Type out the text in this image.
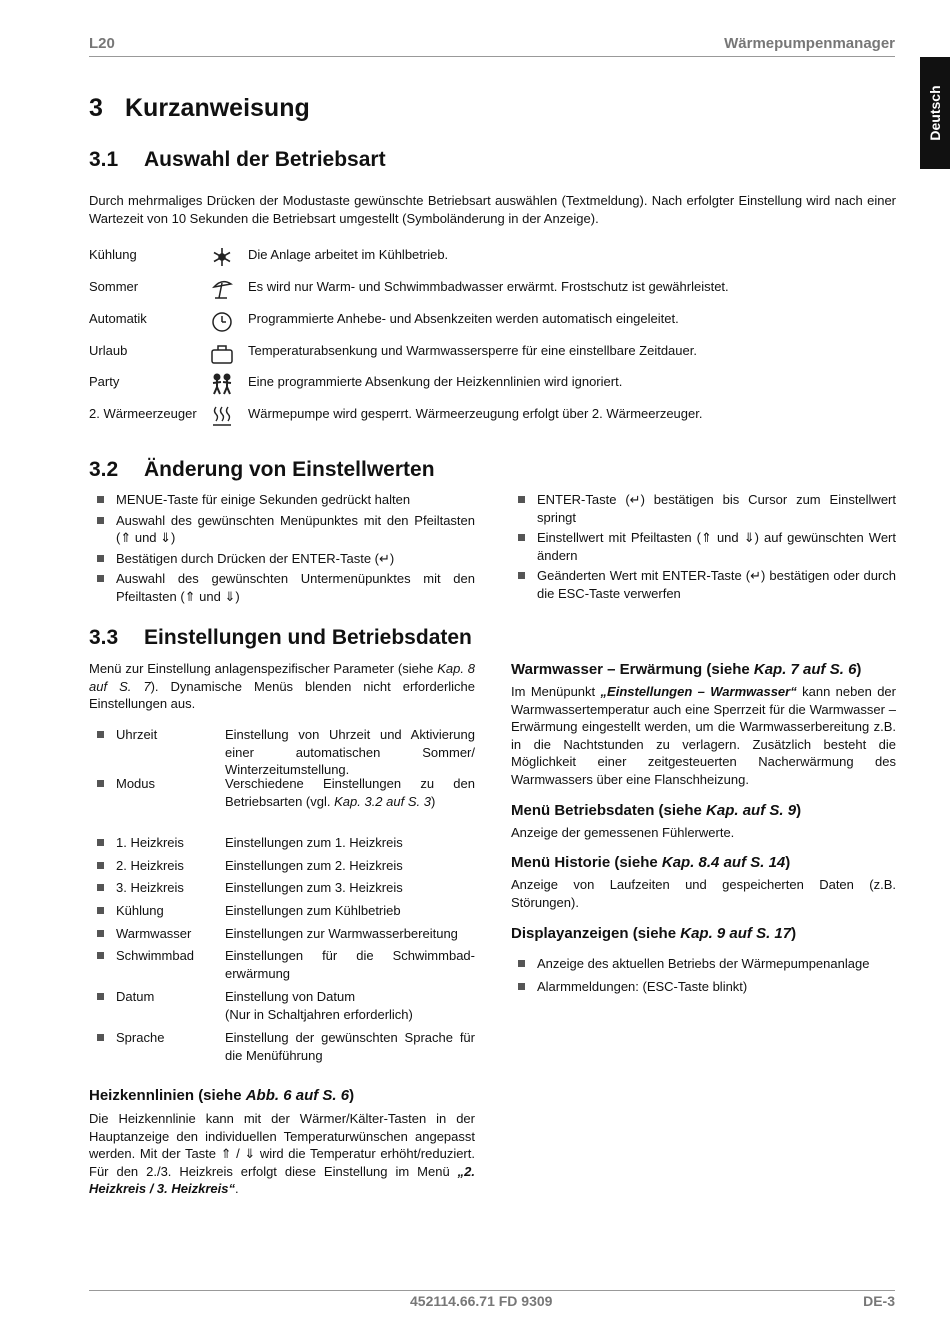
L20	Wärmepumpenmanager
Deutsch
3 Kurzanweisung
3.1 Auswahl der Betriebsart
Durch mehrmaliges Drücken der Modustaste gewünschte Betriebsart auswählen (Textmeldung). Nach erfolgter Einstellung wird nach einer Wartezeit von 10 Sekunden die Betriebsart umgestellt (Symboländerung in der Anzeige).
Kühlung	Die Anlage arbeitet im Kühlbetrieb.
Sommer	Es wird nur Warm- und Schwimmbadwasser erwärmt. Frostschutz ist gewährleistet.
Automatik	Programmierte Anhebe- und Absenkzeiten werden automatisch eingeleitet.
Urlaub	Temperaturabsenkung und Warmwassersperre für eine einstellbare Zeitdauer.
Party	Eine programmierte Absenkung der Heizkennlinien wird ignoriert.
2. Wärmeerzeuger	Wärmepumpe wird gesperrt. Wärmeerzeugung erfolgt über 2. Wärmeerzeuger.
3.2 Änderung von Einstellwerten
MENUE-Taste für einige Sekunden gedrückt halten
Auswahl des gewünschten Menüpunktes mit den Pfeiltasten (⇑ und ⇓)
Bestätigen durch Drücken der ENTER-Taste (↵)
Auswahl des gewünschten Untermenüpunktes mit den Pfeiltasten (⇑ und ⇓)
ENTER-Taste (↵) bestätigen bis Cursor zum Einstellwert springt
Einstellwert mit Pfeiltasten (⇑ und ⇓) auf gewünschten Wert ändern
Geänderten Wert mit ENTER-Taste (↵) bestätigen oder durch die ESC-Taste verwerfen
3.3 Einstellungen und Betriebsdaten
Menü zur Einstellung anlagenspezifischer Parameter (siehe Kap. 8 auf S. 7). Dynamische Menüs blenden nicht erforderliche Einstellungen aus.
Uhrzeit	Einstellung von Uhrzeit und Aktivierung einer automatischen Sommer/ Winterzeitumstellung.
Modus	Verschiedene Einstellungen zu den Betriebsarten (vgl. Kap. 3.2 auf S. 3)
1. Heizkreis	Einstellungen zum 1. Heizkreis
2. Heizkreis	Einstellungen zum 2. Heizkreis
3. Heizkreis	Einstellungen zum 3. Heizkreis
Kühlung	Einstellungen zum Kühlbetrieb
Warmwasser	Einstellungen zur Warmwasserbereitung
Schwimmbad Einstellungen für die Schwimmbad-erwärmung
Datum	Einstellung von Datum
(Nur in Schaltjahren erforderlich)
Sprache	Einstellung der gewünschten Sprache für die Menüführung
Heizkennlinien (siehe Abb. 6 auf S. 6)
Die Heizkennlinie kann mit der Wärmer/Kälter-Tasten in der Hauptanzeige den individuellen Temperaturwünschen angepasst werden. Mit der Taste ⇑ / ⇓ wird die Temperatur erhöht/reduziert. Für den 2./3. Heizkreis erfolgt diese Einstellung im Menü „2. Heizkreis / 3. Heizkreis“.
Warmwasser – Erwärmung (siehe Kap. 7 auf S. 6)
Im Menüpunkt „Einstellungen – Warmwasser“ kann neben der Warmwassertemperatur auch eine Sperrzeit für die Warmwasser – Erwärmung eingestellt werden, um die Warmwasserbereitung z.B. in die Nachtstunden zu verlagern. Zusätzlich besteht die Möglichkeit einer zeitgesteuerten Nacherwärmung des Warmwassers über eine Flanschheizung.
Menü Betriebsdaten (siehe Kap. auf S. 9)
Anzeige der gemessenen Fühlerwerte.
Menü Historie (siehe Kap. 8.4 auf S. 14)
Anzeige von Laufzeiten und gespeicherten Daten (z.B. Störungen).
Displayanzeigen (siehe Kap. 9 auf S. 17)
Anzeige des aktuellen Betriebs der Wärmepumpenanlage
Alarmmeldungen: (ESC-Taste blinkt)
452114.66.71 FD 9309	DE-3
